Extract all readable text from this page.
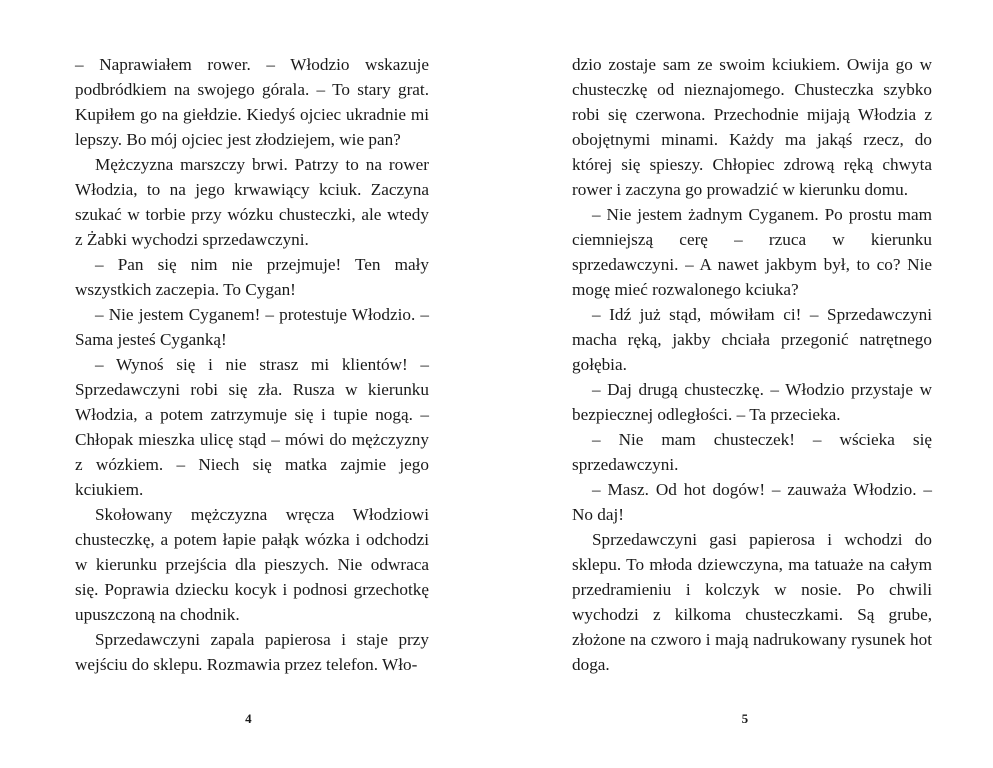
– Naprawiałem rower. – Włodzio wskazuje podbródkiem na swojego górala. – To stary grat. Kupiłem go na giełdzie. Kiedyś ojciec ukradnie mi lepszy. Bo mój ojciec jest złodziejem, wie pan?

Mężczyzna marszczy brwi. Patrzy to na rower Włodzia, to na jego krwawiący kciuk. Zaczyna szukać w torbie przy wózku chusteczki, ale wtedy z Żabki wychodzi sprzedawczyni.

– Pan się nim nie przejmuje! Ten mały wszystkich zaczepia. To Cygan!

– Nie jestem Cyganem! – protestuje Włodzio. – Sama jesteś Cyganką!

– Wynoś się i nie strasz mi klientów! – Sprzedawczyni robi się zła. Rusza w kierunku Włodzia, a potem zatrzymuje się i tupie nogą. – Chłopak mieszka ulicę stąd – mówi do mężczyzny z wózkiem. – Niech się matka zajmie jego kciukiem.

Skołowany mężczyzna wręcza Włodziowi chusteczkę, a potem łapie pałąk wózka i odchodzi w kierunku przejścia dla pieszych. Nie odwraca się. Poprawia dziecku kocyk i podnosi grzechotkę upuszczoną na chodnik.

Sprzedawczyni zapala papierosa i staje przy wejściu do sklepu. Rozmawia przez telefon. Wło-

4

dzio zostaje sam ze swoim kciukiem. Owija go w chusteczkę od nieznajomego. Chusteczka szybko robi się czerwona. Przechodnie mijają Włodzia z obojętnymi minami. Każdy ma jakąś rzecz, do której się spieszy. Chłopiec zdrową ręką chwyta rower i zaczyna go prowadzić w kierunku domu.

– Nie jestem żadnym Cyganem. Po prostu mam ciemniejszą cerę – rzuca w kierunku sprzedawczyni. – A nawet jakbym był, to co? Nie mogę mieć rozwalonego kciuka?

– Idź już stąd, mówiłam ci! – Sprzedawczyni macha ręką, jakby chciała przegonić natrętnego gołębia.

– Daj drugą chusteczkę. – Włodzio przystaje w bezpiecznej odległości. – Ta przecieka.

– Nie mam chusteczek! – wścieka się sprzedawczyni.

– Masz. Od hot dogów! – zauważa Włodzio. – No daj!

Sprzedawczyni gasi papierosa i wchodzi do sklepu. To młoda dziewczyna, ma tatuaże na całym przedramieniu i kolczyk w nosie. Po chwili wychodzi z kilkoma chusteczkami. Są grube, złożone na czworo i mają nadrukowany rysunek hot doga.

5
